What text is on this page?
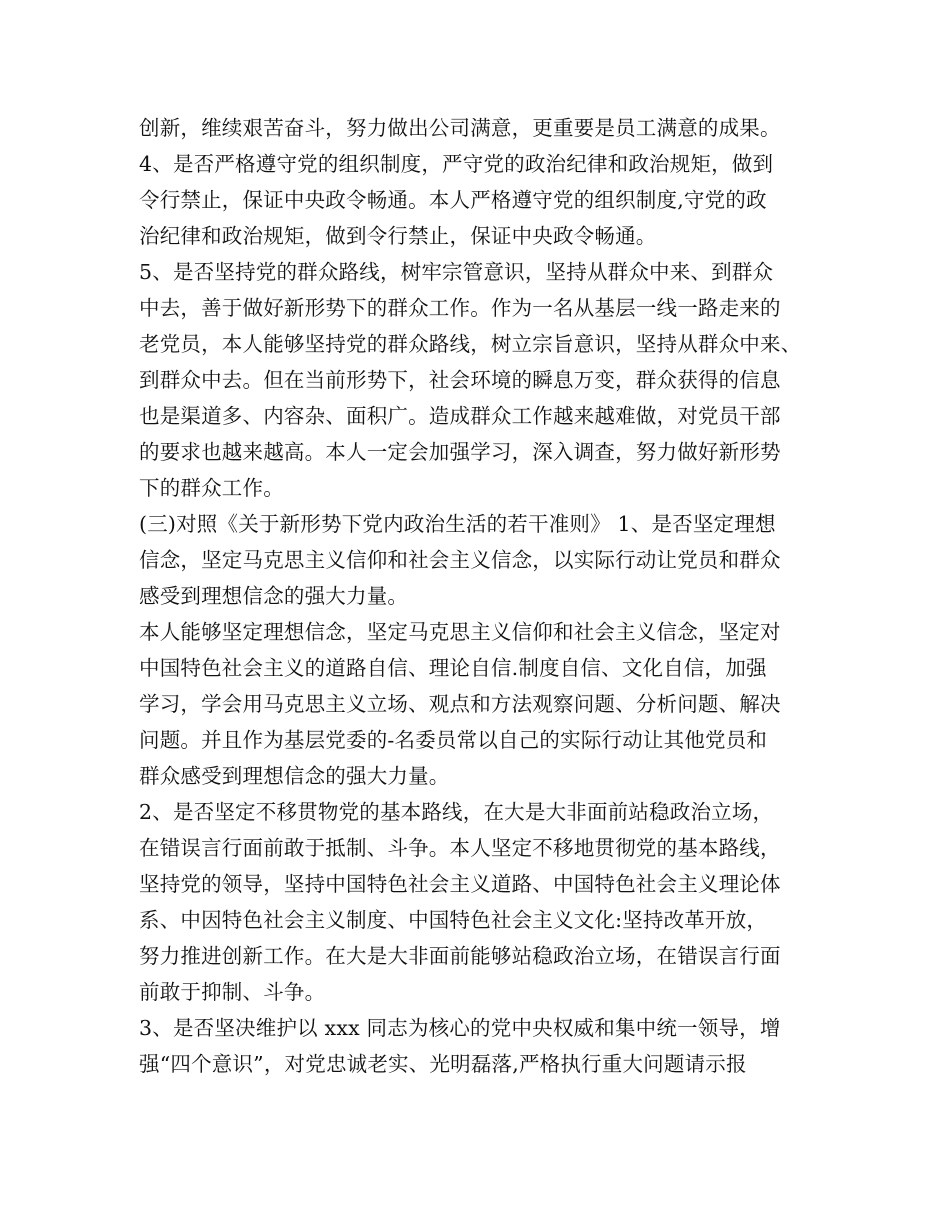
创新，维续艰苦奋斗，努力做出公司满意，更重要是员工满意的成果。
4、是否严格遵守党的组织制度，严守党的政治纪律和政治规矩，做到
令行禁止，保证中央政令畅通。本人严格遵守党的组织制度,守党的政
治纪律和政治规矩，做到令行禁止，保证中央政令畅通。
5、是否坚持党的群众路线，树牢宗管意识，坚持从群众中来、到群众
中去，善于做好新形势下的群众工作。作为一名从基层一线一路走来的
老党员，本人能够坚持党的群众路线，树立宗旨意识，坚持从群众中来、
到群众中去。但在当前形势下，社会环境的瞬息万变，群众获得的信息
也是渠道多、内容杂、面积广。造成群众工作越来越难做，对党员干部
的要求也越来越高。本人一定会加强学习，深入调查，努力做好新形势
下的群众工作。
(三)对照《关于新形势下党内政治生活的若干准则》 1、是否坚定理想
信念，坚定马克思主义信仰和社会主义信念，以实际行动让党员和群众
感受到理想信念的强大力量。
本人能够坚定理想信念，坚定马克思主义信仰和社会主义信念，坚定对
中国特色社会主义的道路自信、理论自信.制度自信、文化自信，加强
学习，学会用马克思主义立场、观点和方法观察问题、分析问题、解决
问题。并且作为基层党委的-名委员常以自己的实际行动让其他党员和
群众感受到理想信念的强大力量。
2、是否坚定不移贯物党的基本路线，在大是大非面前站稳政治立场，
在错误言行面前敢于抵制、斗争。本人坚定不移地贯彻党的基本路线，
坚持党的领导，坚持中国特色社会主义道路、中国特色社会主义理论体
系、中因特色社会主义制度、中国特色社会主义文化:坚持改革开放，
努力推进创新工作。在大是大非面前能够站稳政治立场，在错误言行面
前敢于抑制、斗争。
3、是否坚决维护以 xxx 同志为核心的党中央权威和集中统一领导，增
强“四个意识”，对党忠诚老实、光明磊落,严格执行重大问题请示报
